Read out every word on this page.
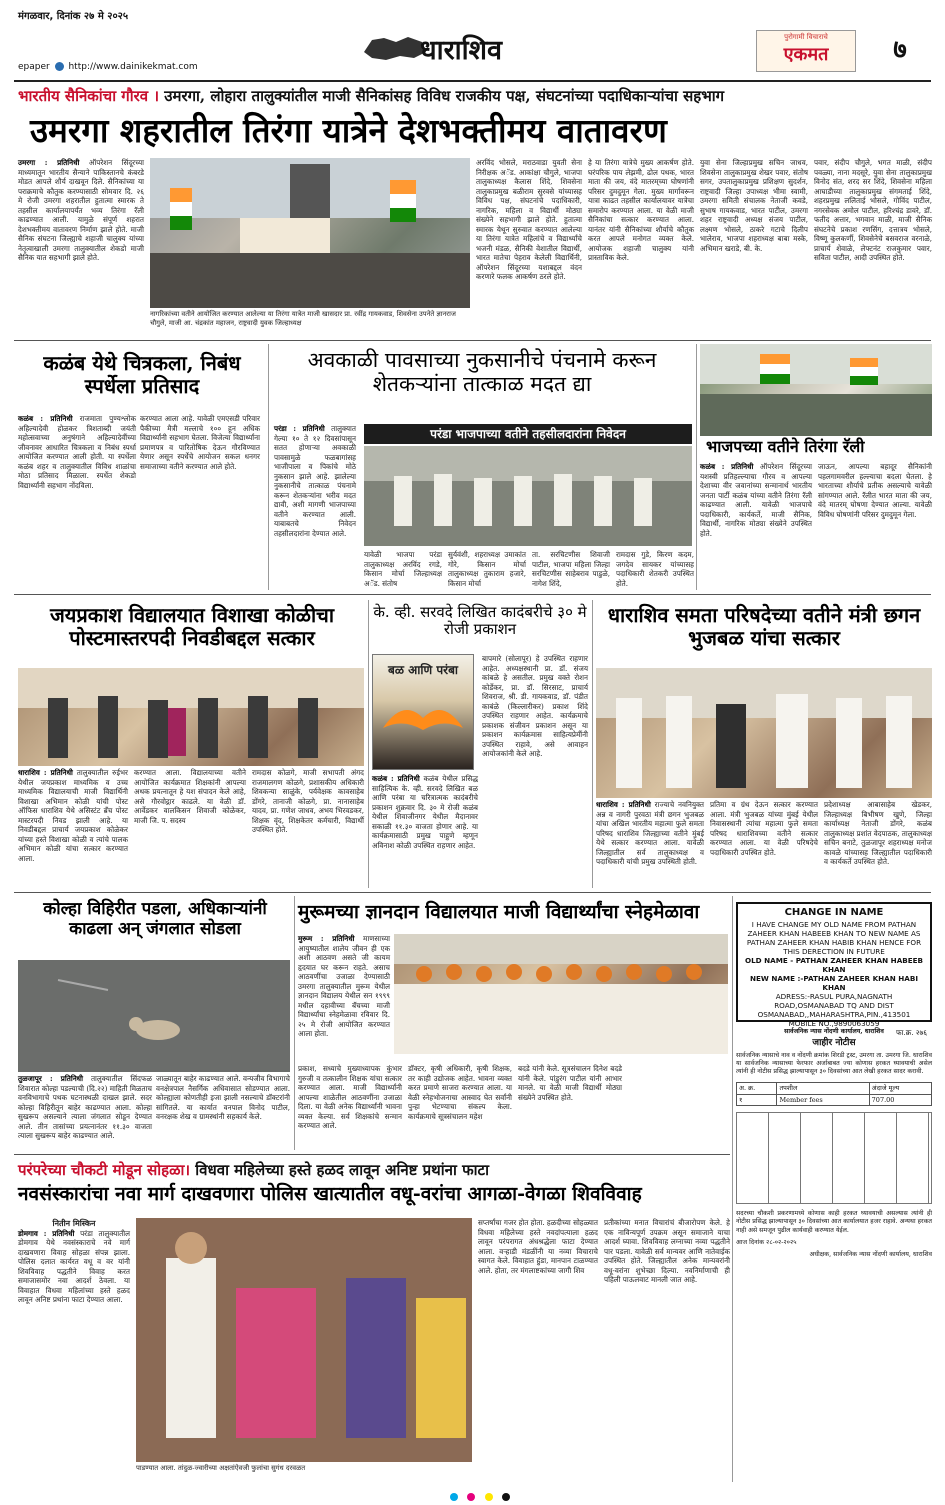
मंगळवार, दिनांक २७ मे २०२५
धाराशिव
epaper http://www.dainikekmat.com
पुरोगामी विचाराचे
एकमत	७
भारतीय सैनिकांचा गौरव । उमरगा, लोहारा तालुक्यांतील माजी सैनिकांसह विविध राजकीय पक्ष, संघटनांच्या पदाधिकाऱ्यांचा सहभाग
उमरगा शहरातील तिरंगा यात्रेने देशभक्तीमय वातावरण
उमरगा : प्रतिनिधी ऑपरेशन सिंदूरच्या माध्यमातून भारतीय सैन्याने पाकिस्तानचे कंबरडे मोडत आपले शौर्य दाखवून दिले. सैनिकांच्या या पराक्रमाचे कौतुक करण्यासाठी सोमवार दि. २६ मे रोजी उमरगा शहरातील हुतात्मा स्मारक ते तहसील कार्यालयापर्यंत भव्य तिरंगा रॅली काढण्यात आली. यामुळे संपूर्ण शहरात देशभक्तीमय वातावरण निर्माण झाले होते. माजी सैनिक संघटना जिल्ह्याचे शहाजी चालुक्य यांच्या नेतृत्वाखाली उमरगा तालुक्यातील शेकडो माजी सैनिक यात सहभागी झाले होते.
नागरिकांच्या वतीने आयोजित करण्यात आलेल्या या तिरंगा यात्रेत माजी खासदार प्रा. रवींद्र गायकवाड, शिवसेना उपनेते ज्ञानराज चौगुले, माजी आ. चंद्रकांत महाजन, राष्ट्रवादी युवक जिल्हाध्यक्ष
अरविंद भोसले, मराठवाडा युवती सेना निरीक्षक अॅड. आकांक्षा चौगुले, भाजपा तालुकाध्यक्ष कैलास शिंदे, शिवसेना तालुकाप्रमुख बळीराम सुरवसे यांच्यासह विविध पक्ष, संघटनांचे पदाधिकारी, नागरिक, महिला व विद्यार्थी मोठ्या संख्येने सहभागी झाले होते. हुतात्मा स्मारक येथून सुरुवात करण्यात आलेल्या या तिरंगा यात्रेत महिलांचे व विद्यार्थ्यांचे भजनी मंडळ, सैनिकी वेशातील विद्यार्थी, भारत मातेचा पेहराव केलेली विद्यार्थिनी, ऑपरेशन सिंदूरच्या यशाबद्दल वंदन करणारे फलक आकर्षण ठरले होते.
हे या तिरंगा यात्रेचे मुख्य आकर्षण होते. घरंपरिक पाय लेझमी, ढोल पथक, भारत माता की जय, वंदे मातरम्‌च्या घोषणांनी परिसर दुमदुमून गेला. मुख्य मार्गावरून यात्रा काढत तहसील कार्यालयावर यात्रेचा समारोप करण्यात आला. या वेळी माजी सैनिकांचा सत्कार करण्यात आला. यानंतर यांनी सैनिकांच्या शौर्याचे कौतुक करत आपले मनोगत व्यक्त केले. आयोजक शहाजी चालुक्य यांनी प्रास्ताविक केले.
युवा सेना जिल्हाप्रमुख सचिन जाधव, शिवसेना तालुकाप्रमुख शेखर पवार, संतोष सगर, उपतालुकाप्रमुख प्रशिक्षण सुदर्शन, राष्ट्रवादी जिल्हा उपाध्यक्ष भीमा स्वामी, उमरगा समिती संचालक नेताजी कवडे, सुभाष गायकवाड, भारत पाटील, उमरगा शहर राष्ट्रवादी अध्यक्ष संजय पाटील, लक्ष्मण भोसले, ठाकरे गटाचे दिलीप भालेराव, भाजपा शहराध्यक्ष बाबा मस्के, अभिमान खराडे, बी. के.
पवार, संदीप चौगुले, भगत माळी, संदीप पवळ्या, नाना मदसूरे, युवा सेना तालुकाप्रमुख विनोद संत, शरद सर शिंदे, शिवसेना महिला आघाडीच्या तालुकाप्रमुख संगमताई शिंदे, शहरप्रमुख ललिताई भोसले, गोविंद पाटील, नगरसेवक अमोल पाटील, हरिश्चंद्र डावरे, डॉ. फतीद अत्तार, भगवान माळी, माजी सैनिक संघटनेचे प्रकाश रणसिंग, दत्तात्रय भोसले, विष्णू कुलकर्णी, शिवसेनेचे बसवराज वरनाळे, प्राचार्य शेवाळे, लेफ्टनंट राजकुमार पवार, सविता पाटील, आदी उपस्थित होते.
कळंब येथे चित्रकला, निबंध स्पर्धेला प्रतिसाद
कळंब : प्रतिनिधी राजमाता पुण्यश्लोक अहिल्यादेवी होळकर त्रिशताब्दी जयंती महोत्सवाच्या अनुषंगाने अहिल्यादेवींच्या जीवनावर आधारित चित्रकला व निबंध स्पर्धा आयोजित करण्यात आली होती. या स्पर्धेला कळंब शहर व तालुक्यातील विविध शाळांचा मोठा प्रतिसाद मिळाला. स्पर्धेत शेकडो विद्यार्थ्यांनी सहभाग नोंदविला.
करण्यात आला आहे. यावेळी एमएसडी परिवार पैकीच्या मैत्री मल्लाचे १०० हून अधिक विद्यार्थ्यांनी सहभाग घेतला. विजेत्या विद्यार्थ्यांना प्रमाणपत्र व पारितोषिक देऊन गौरविण्यात येणार असून स्पर्धेचे आयोजन सकल धनगर समाजाच्या वतीने करण्यात आले होते.
अवकाळी पावसाच्या नुकसानीचे पंचनामे करून शेतकऱ्यांना तात्काळ मदत द्या
परंडा : प्रतिनिधी तालुक्यात गेल्या १० ते १२ दिवसांपासून सतत होणाऱ्या अवकाळी पावसामुळे फळबागांसह भाजीपाला व पिकांचे मोठे नुकसान झाले आहे. झालेल्या नुकसानीचे तात्काळ पंचनामे करून शेतकऱ्यांना भरीव मदत द्यावी, अशी मागणी भाजपाच्या वतीने करण्यात आली. याबाबतचे निवेदन तहसीलदारांना देण्यात आले.
परंडा भाजपाच्या वतीने तहसीलदारांना निवेदन
यावेळी भाजपा परंडा तालुकाध्यक्ष अरविंद रगडे, किसान मोर्चा जिल्हाध्यक्ष अॅड. संतोष
सुर्यवंशी, शहराध्यक्ष उमाकांत गोरे, किसान मोर्चा तालुकाध्यक्ष तुकाराम हजारे, किसान मोर्चा
ता. सरचिटणीस शिवाजी पाटील, भाजपा महिला जिल्हा सरचिटणीस साहेबराव पाडुळे, नागेश शिंदे,
रामदास गुडे, किरण कदम, जगदेव सायकर यांच्यासह पदाधिकारी शेतकरी उपस्थित होते.
भाजपच्या वतीने तिरंगा रॅली
कळंब : प्रतिनिधी ऑपरेशन सिंदूरच्या यशस्वी प्रतिहल्ल्याचा गौरव व आपल्या देशाच्या वीर जवानांच्या सन्मानार्थ भारतीय जनता पार्टी कळंब यांच्या वतीने तिरंगा रॅली काढण्यात आली. यावेळी भाजपाचे पदाधिकारी, कार्यकर्ते, माजी सैनिक, विद्यार्थी, नागरिक मोठ्या संख्येने उपस्थित होते.
जाऊन, आपल्या बहादूर सैनिकांनी पहलगामवरील हल्ल्याचा बदला घेतला. हे भारताच्या शौर्याचे प्रतीक असल्याचे यावेळी सांगण्यात आले. रॅलीत भारत माता की जय, वंदे मातरम् घोषणा देण्यात आल्या. यावेळी विविध घोषणांनी परिसर दुमदुमून गेला.
जयप्रकाश विद्यालयात विशाखा कोळीचा पोस्टमास्तरपदी निवडीबद्दल सत्कार
धाराशिव : प्रतिनिधी तालुक्यातील रुईभर येथील जयप्रकाश माध्यमिक व उच्च माध्यमिक विद्यालयाची माजी विद्यार्थिनी विशाखा अभिमान कोळी यांची पोस्ट ऑफिस धाराशिव येथे असिस्टंट ब्रँच पोस्ट मास्टरपदी निवड झाली आहे. या निवडीबद्दल प्राचार्य जयप्रकाश कोळेकर यांच्या हस्ते विशाखा कोळी व त्यांचे पालक अभिमान कोळी यांचा सत्कार करण्यात आला.
करण्यात आला. विद्यालयाच्या वतीने आयोजित कार्यक्रमात शिक्षकांनी आपल्या अथक प्रयत्नातून हे यश संपादन केले आहे, असे गौरवोद्गार काढले. या वेळी डॉ. आर्वेडकर वालकिसन शिवाजी कोळेकर, माजी जि. प. सदस्य
रामदास कोळगे, माजी सभापती अंगद राजमालगण कोळगे, प्रशासकीय अधिकारी शिवकन्या साळुंके, पर्यवेक्षक कावसाहेब डोंगरे, तानाजी कोळगे, प्रा. नानासाहेब यादव, प्रा. गणेश जाधव, अभय भिरवडकर, शिक्षक वृंद, शिक्षकेतर कर्मचारी, विद्यार्थी उपस्थित होते.
के. व्ही. सरवदे लिखित कादंबरीचे ३० मे रोजी प्रकाशन
बळ आणि परंबा
कळंब : प्रतिनिधी कळंब येथील प्रसिद्ध साहित्यिक के. व्ही. सरवदे लिखित बळ आणि परंबा या चरित्रात्मक कादंबरीचे प्रकाशन शुक्रवार दि. ३० मे रोजी कळंब येथील शिवाजीनगर येथील मैदानावर सकाळी ११.३० वाजता होणार आहे. या कार्यक्रमासाठी प्रमुख पाहुणे म्हणून अविनाश कोळी उपस्थित राहणार आहेत.
बापमारे (सोलापूर) हे उपस्थित राहणार आहेत. अध्यक्षस्थानी प्रा. डॉ. संजय कांबळे हे असतील. प्रमुख वक्ते रोशन कोर्डेकर, प्रा. डॉ. सिरसाट, प्राचार्य शिवराज, श्री. डी. गायकवाड, डॉ. पंडीत काबंळे (किल्लारीकर) प्रकाश शिंदे उपस्थित राहणार आहेत. कार्यक्रमाचे प्रकाशक संजीवन प्रकाशन असून या प्रकाशन कार्यक्रमास साहित्यप्रेमींनी उपस्थित राहावे, असे आवाहन आयोजकांनी केले आहे.
धाराशिव समता परिषदेच्या वतीने मंत्री छगन भुजबळ यांचा सत्कार
धाराशिव : प्रतिनिधी राज्याचे नवनियुक्त अन्न व नागरी पुरवठा मंत्री छगन भुजबळ यांचा अखिल भारतीय महात्मा फुले समता परिषद धाराशिव जिल्ह्याच्या वतीने मुंबई येथे सत्कार करण्यात आला. यावेळी जिल्ह्यातील सर्व तालुकाध्यक्ष व पदाधिकारी यांची प्रमुख उपस्थिती होती.
प्रतिमा व ग्रंथ देऊन सत्कार करण्यात आला. मंत्री भुजबळ यांच्या मुंबई येथील निवासस्थानी त्यांचा महात्मा फुले समता परिषद धाराशिवच्या वतीने सत्कार करण्यात आला. या वेळी परिषदेचे पदाधिकारी उपस्थित होते.
प्रदेशाध्यक्ष आबासाहेब खेडकर, जिल्हाध्यक्ष बिभीषण खुणे, जिल्हा कार्याध्यक्ष नेताजी डोंगरे, कळंब तालुकाध्यक्ष प्रशांत वेदपाठक, तालुकाध्यक्ष सचिन बनाटे, तुळजापूर शहराध्यक्ष मनोज कावळे यांच्यासह जिल्ह्यातील पदाधिकारी व कार्यकर्ते उपस्थित होते.
कोल्हा विहिरीत पडला, अधिकाऱ्यांनी काढला अन् जंगलात सोडला
तुळजापूर : प्रतिनिधी तालुक्यातील सिंदफळ शिवारात कोल्हा पडल्याची (दि.२२) माहिती मिळताच वनविभागाचे पथक घटनास्थळी दाखल झाले. सदर कोल्हा विहिरीतून बाहेर काढण्यात आला. कोल्हा सुखरूप असल्याने त्याला जंगलात सोडून देण्यात आले. तीन तासांच्या प्रयत्नानंतर ११.३० वाजता त्याला सुखरूप बाहेर काढण्यात आले.
जाळ्यातून बाहेर काढण्यात आले. वन्यजीव विभागाचे वनक्षेत्रपाल नैसर्गिक अधिवासात सोडण्यात आला. कोल्ह्याला कोणतीही इजा झाली नसल्याचे डॉक्टरांनी सांगितले. या कार्यात वनपाल विनोद पाटील, वनरक्षक शेख व ग्रामस्थांनी सहकार्य केले.
मुरूमच्या ज्ञानदान विद्यालयात माजी विद्यार्थ्यांचा स्नेहमेळावा
मुरूम : प्रतिनिधी माणसाच्या आयुष्यातील शालेय जीवन ही एक अशी आठवण असते जी कायम हृदयात घर करून राहते. असाच आठवणींचा उजाळा देण्यासाठी उमरगा तालुक्यातील मुरूम येथील ज्ञानदान विद्यालय येथील सन १९९९ मधील दहावीच्या बॅचच्या माजी विद्यार्थ्यांचा स्नेहमेळावा रविवार दि. २५ मे रोजी आयोजित करण्यात आला होता.
प्रकाश, सध्याचे मुख्याध्यापक कुंभार गुरुजी व तत्कालीन शिक्षक यांचा सत्कार करण्यात आला. माजी विद्यार्थ्यांनी आपल्या शाळेतील आठवणींना उजाळा दिला. या वेळी अनेक विद्यार्थ्यांनी भावना व्यक्त केल्या. सर्व शिक्षकांचे सन्मान करण्यात आले.
डॉक्टर, कृषी अधिकारी, कृषी शिक्षक, तर काही उद्योजक आहेत. भावना व्यक्त करत प्रमाणे साजरा करण्यात आला. या वेळी स्नेहभोजनाचा आस्वाद घेत सर्वांनी पुन्हा भेटण्याचा संकल्प केला. कार्यक्रमाचे सूत्रसंचालन महेश
बदडे यांनी केले. सूत्रसंचालन दिनेश बदडे यांनी केले. पांडुरंग पाटील यांनी आभार मानले. या वेळी माजी विद्यार्थी मोठ्या संख्येने उपस्थित होते.
CHANGE IN NAME
I HAVE CHANGE MY OLD NAME FROM PATHAN ZAHEER KHAN HABEEB KHAN TO NEW NAME AS PATHAN ZAHEER KHAN HABIB KHAN HENCE FOR THIS DERECTION IN FUTURE
OLD NAME - PATHAN ZAHEER KHAN HABEEB KHAN
NEW NAME :-PATHAN ZAHEER KHAN HABI KHAN
ADRESS:-RASUL PURA,NAGNATH ROAD,OSMANABAD TQ AND DIST OSMANABAD,,MAHARASHTRA,PIN.,413501
MOBILE NO.,9890063059
फा.क्र. २७६
सार्वजनिक न्यास नोंदणी कार्यालय, धाराशिव
जाहीर नोटीस
सार्वजनिक न्यासाचे नाव व नोंदणी क्रमांक शिरडी ट्रस्ट, उमरगा ता. उमरगा जि. धाराशिव या सार्वजनिक न्यासाच्या फेरफार अर्जाबाबत ज्या कोणास हरकत घ्यावयाची असेल त्यांनी ही नोटीस प्रसिद्ध झाल्यापासून ३० दिवसांच्या आत लेखी हरकत सादर करावी.
अ. क्र.	तपशील	अंदाजे मूल्य
१	Member fees	707.00
सदरच्या चौकशी प्रकरणामध्ये कोणास काही हरकत घ्यावयाची असल्यास त्यांनी ही नोटीस प्रसिद्ध झाल्यापासून ३० दिवसांच्या आत कार्यालयात हजर राहावे. अन्यथा हरकत नाही असे समजून पुढील कार्यवाही करण्यात येईल.
आज दिनांक २८-०२-२०२५
अधीक्षक, सार्वजनिक न्यास नोंदणी कार्यालय, धाराशिव
परंपरेच्या चौकटी मोडून सोहळा। विधवा महिलेच्या हस्ते हळद लावून अनिष्ट प्रथांना फाटा
नवसंस्कारांचा नवा मार्ग दाखवणारा पोलिस खात्यातील वधू-वरांचा आगळा-वेगळा शिवविवाह
नितीन मिस्किन
डोमगाव : प्रतिनिधी परंडा तालुक्यातील डोमगाव येथे नवसंस्काराचे नवे मार्ग दाखवणारा विवाह सोहळा संपन्न झाला. पोलिस दलात कार्यरत वधू व वर यांनी शिवविवाह पद्धतीने विवाह करत समाजासमोर नवा आदर्श ठेवला. या विवाहात विधवा महिलांच्या हस्ते हळद लावून अनिष्ट प्रथांना फाटा देण्यात आला.
पाडण्यात आला. तांदुळ-ज्वारीच्या अक्षतांऐवजी फुलांचा सुगंध दरवळत
सप्तर्षांचा गजर होत होता. हळदीच्या सोहळ्यात विधवा महिलेच्या हस्ते नवदांपत्याला हळद लावून परंपरागत अंधश्रद्धेला फाटा देण्यात आला. वऱ्हाडी मंडळींनी या नव्या विचाराचे स्वागत केले. विवाहात हुंडा, मानपान टाळण्यात आले. होता, तर मंगलाष्टकांच्या जागी शिव
प्रतीकांच्या मनात विचारांचं बीजारोपण केले. हे एक नाविन्यपूर्ण उपक्रम असून समाजाने याचा आदर्श घ्यावा. शिवविवाह लग्नाच्या नव्या पद्धतीने पार पडला. यावेळी सर्व मान्यवर आणि नातेवाईक उपस्थित होते. जिल्ह्यातील अनेक मान्यवरांनी वधू-वरांना शुभेच्छा दिल्या. नवनिर्माणाची ही पहिली पाऊलवाट मानली जात आहे.
